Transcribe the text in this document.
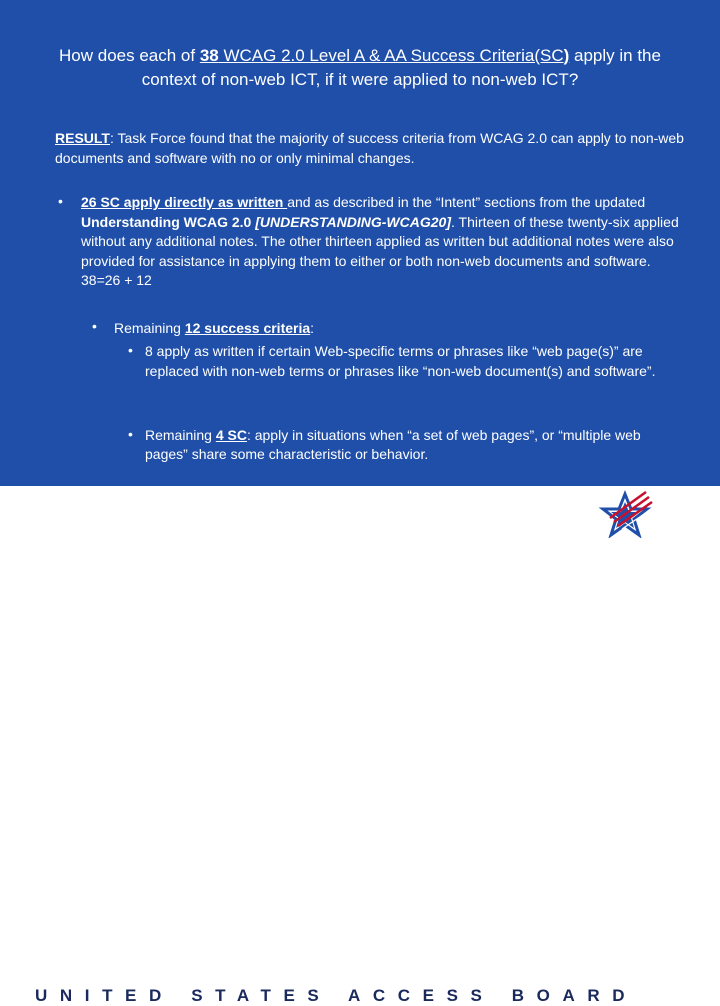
How does each of 38 WCAG 2.0 Level A & AA Success Criteria(SC) apply in the context of non-web ICT, if it were applied to non-web ICT?
RESULT: Task Force found that the majority of success criteria from WCAG 2.0 can apply to non-web documents and software with no or only minimal changes.
• 26 SC apply directly as written and as described in the “Intent” sections from the updated Understanding WCAG 2.0 [UNDERSTANDING-WCAG20]. Thirteen of these twenty-six applied without any additional notes. The other thirteen applied as written but additional notes were also provided for assistance in applying them to either or both non-web documents and software. 38=26 + 12
• Remaining 12 success criteria:
• 8 apply as written if certain Web-specific terms or phrases like “web page(s)” are replaced with non-web terms or phrases like “non-web document(s) and software”.
• Remaining 4 SC: apply in situations when “a set of web pages”, or “multiple web pages” share some characteristic or behavior.
UNITED STATES ACCESS BOARD
